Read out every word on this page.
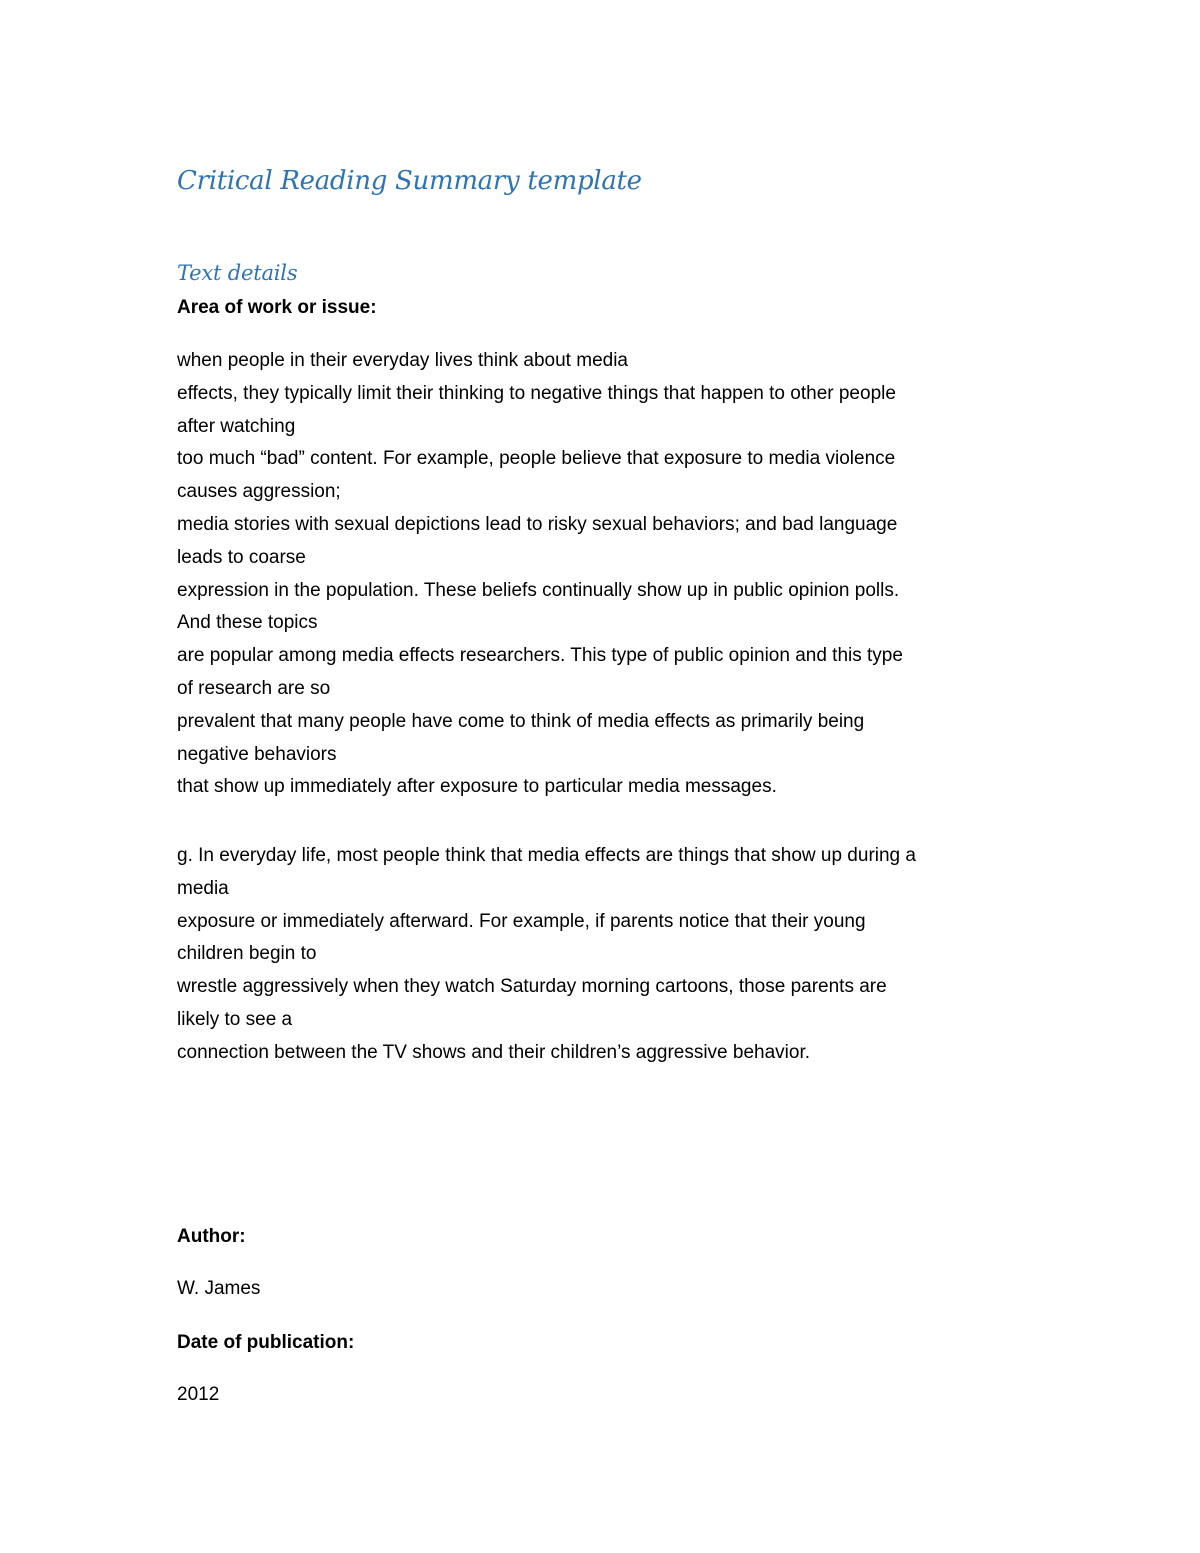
Critical Reading Summary template
Text details
Area of work or issue:
when people in their everyday lives think about media
effects, they typically limit their thinking to negative things that happen to other people
after watching
too much “bad” content. For example, people believe that exposure to media violence
causes aggression;
media stories with sexual depictions lead to risky sexual behaviors; and bad language
leads to coarse
expression in the population. These beliefs continually show up in public opinion polls.
And these topics
are popular among media effects researchers. This type of public opinion and this type
of research are so
prevalent that many people have come to think of media effects as primarily being
negative behaviors
that show up immediately after exposure to particular media messages.
g. In everyday life, most people think that media effects are things that show up during a
media
exposure or immediately afterward. For example, if parents notice that their young
children begin to
wrestle aggressively when they watch Saturday morning cartoons, those parents are
likely to see a
connection between the TV shows and their children’s aggressive behavior.
Author:
W. James
Date of publication:
2012
